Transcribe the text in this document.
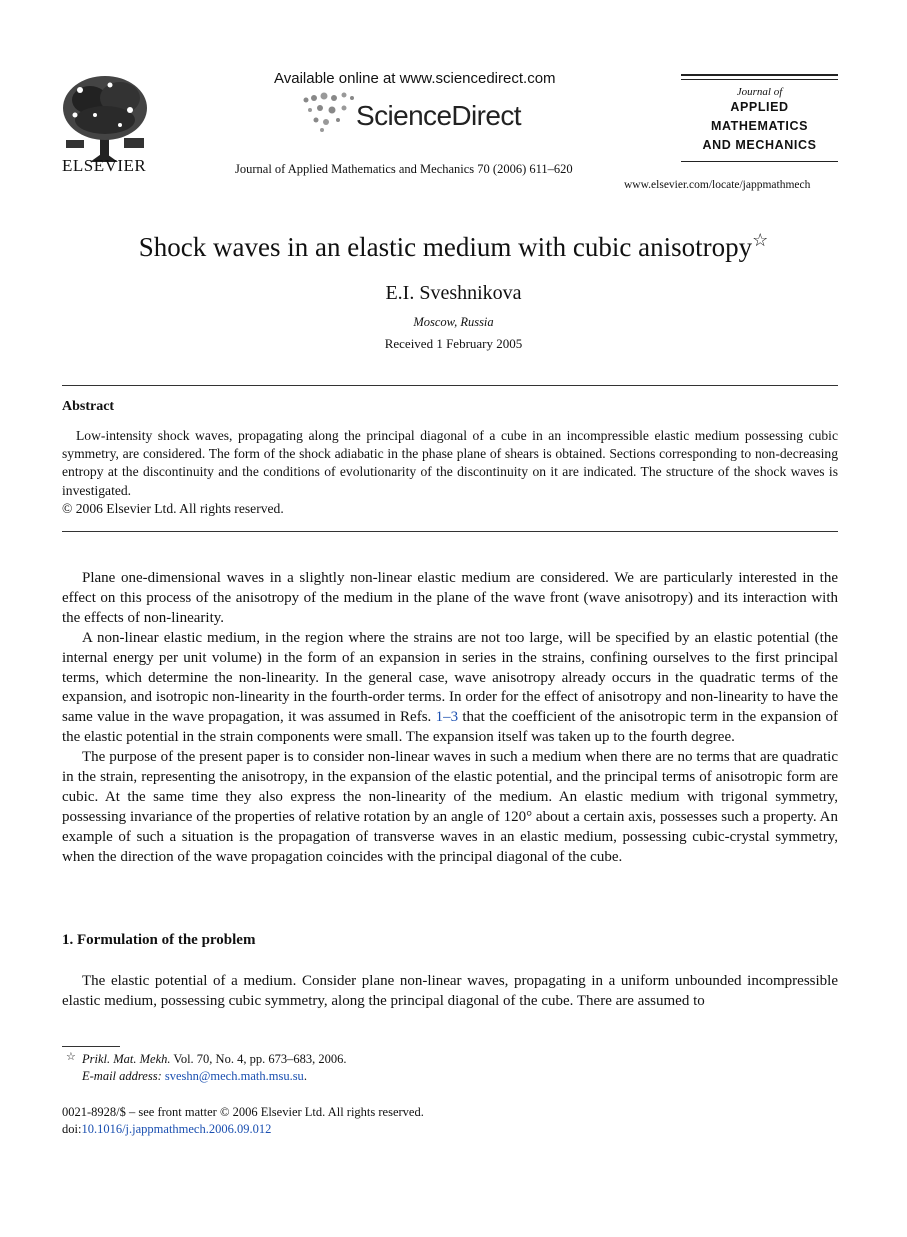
ELSEVIER
Available online at www.sciencedirect.com
ScienceDirect
Journal of Applied Mathematics and Mechanics 70 (2006) 611–620
Journal of
APPLIED
MATHEMATICS
AND MECHANICS
www.elsevier.com/locate/jappmathmech
Shock waves in an elastic medium with cubic anisotropy☆
E.I. Sveshnikova
Moscow, Russia
Received 1 February 2005
Abstract

Low-intensity shock waves, propagating along the principal diagonal of a cube in an incompressible elastic medium possessing cubic symmetry, are considered. The form of the shock adiabatic in the phase plane of shears is obtained. Sections corresponding to non-decreasing entropy at the discontinuity and the conditions of evolutionarity of the discontinuity on it are indicated. The structure of the shock waves is investigated.

© 2006 Elsevier Ltd. All rights reserved.

Plane one-dimensional waves in a slightly non-linear elastic medium are considered. We are particularly interested in the effect on this process of the anisotropy of the medium in the plane of the wave front (wave anisotropy) and its interaction with the effects of non-linearity.

A non-linear elastic medium, in the region where the strains are not too large, will be specified by an elastic potential (the internal energy per unit volume) in the form of an expansion in series in the strains, confining ourselves to the first principal terms, which determine the non-linearity. In the general case, wave anisotropy already occurs in the quadratic terms of the expansion, and isotropic non-linearity in the fourth-order terms. In order for the effect of anisotropy and non-linearity to have the same value in the wave propagation, it was assumed in Refs. 1–3 that the coefficient of the anisotropic term in the expansion of the elastic potential in the strain components were small. The expansion itself was taken up to the fourth degree.

The purpose of the present paper is to consider non-linear waves in such a medium when there are no terms that are quadratic in the strain, representing the anisotropy, in the expansion of the elastic potential, and the principal terms of anisotropic form are cubic. At the same time they also express the non-linearity of the medium. An elastic medium with trigonal symmetry, possessing invariance of the properties of relative rotation by an angle of 120° about a certain axis, possesses such a property. An example of such a situation is the propagation of transverse waves in an elastic medium, possessing cubic-crystal symmetry, when the direction of the wave propagation coincides with the principal diagonal of the cube.

1. Formulation of the problem

The elastic potential of a medium. Consider plane non-linear waves, propagating in a uniform unbounded incompressible elastic medium, possessing cubic symmetry, along the principal diagonal of the cube. There are assumed to

☆ Prikl. Mat. Mekh. Vol. 70, No. 4, pp. 673–683, 2006.
E-mail address: sveshn@mech.math.msu.su.
0021-8928/$ – see front matter © 2006 Elsevier Ltd. All rights reserved.
doi:10.1016/j.jappmathmech.2006.09.012
